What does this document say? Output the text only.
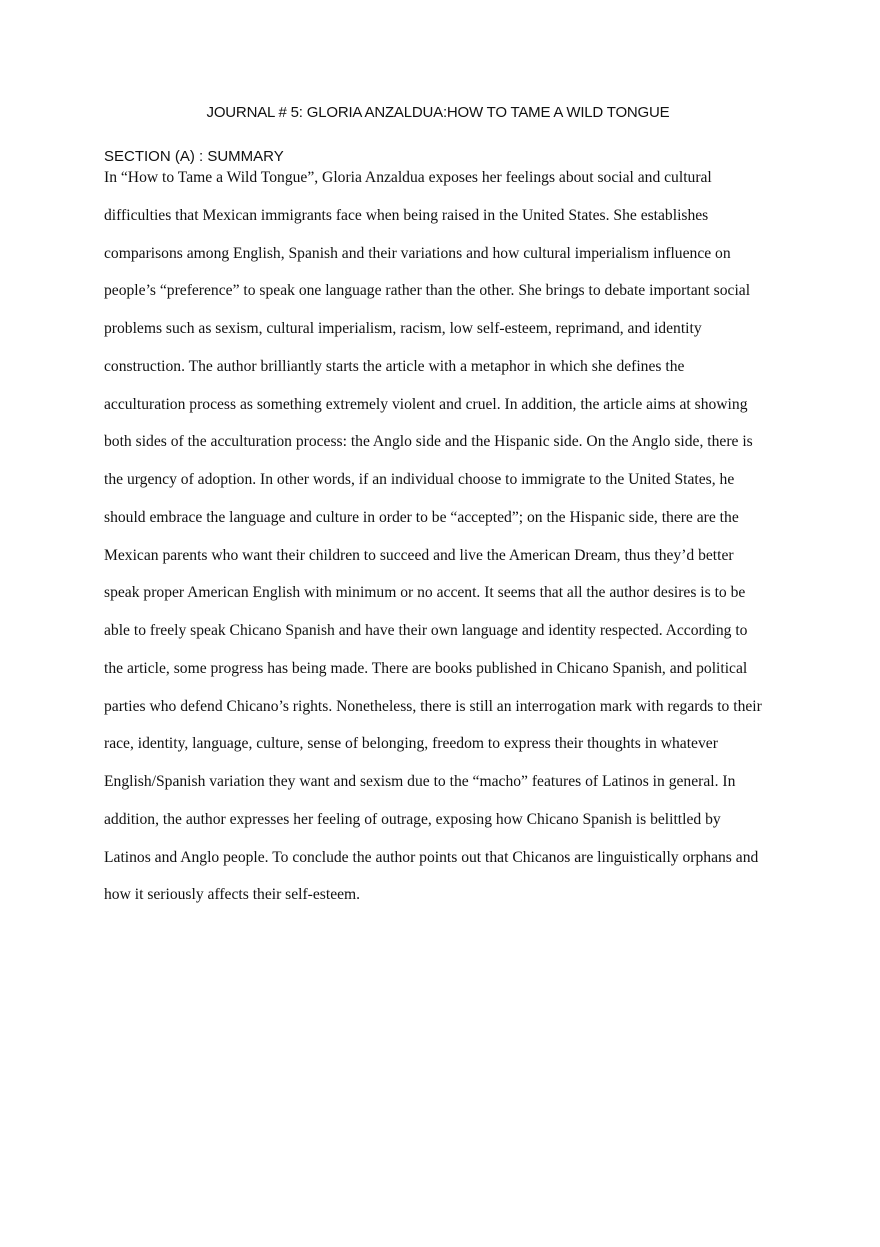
JOURNAL # 5: GLORIA ANZALDUA:HOW TO TAME A WILD TONGUE
SECTION (A) : SUMMARY
In “How to Tame a Wild Tongue”, Gloria Anzaldua exposes her feelings about social and cultural
difficulties that Mexican immigrants face when being raised in the United States. She establishes
comparisons among English, Spanish and their variations and how cultural imperialism influence on
people’s “preference” to speak one language rather than the other. She brings to debate important social
problems such as sexism, cultural imperialism, racism, low self-esteem, reprimand, and identity
construction. The author brilliantly starts the article with a metaphor in which she defines the
acculturation process as something extremely violent and cruel. In addition, the article aims at showing
both sides of the acculturation process: the Anglo side and the Hispanic side. On the Anglo side, there is
the urgency of adoption. In other words, if an individual choose to immigrate to the United States, he
should embrace the language and culture in order to be “accepted”; on the Hispanic side, there are the
Mexican parents who want their children to succeed and live the American Dream, thus they’d better
speak proper American English with minimum or no accent. It seems that all the author desires is to be
able to freely speak Chicano Spanish and have their own language and identity respected. According to
the article, some progress has being made. There are books published in Chicano Spanish, and political
parties who defend Chicano’s rights. Nonetheless, there is still an interrogation mark with regards to their
race, identity, language, culture, sense of belonging, freedom to express their thoughts in whatever
English/Spanish variation they want and sexism due to the “macho” features of Latinos in general. In
addition, the author expresses her feeling of outrage, exposing how Chicano Spanish is belittled by
Latinos and Anglo people. To conclude the author points out that Chicanos are linguistically orphans and
how it seriously affects their self-esteem.
